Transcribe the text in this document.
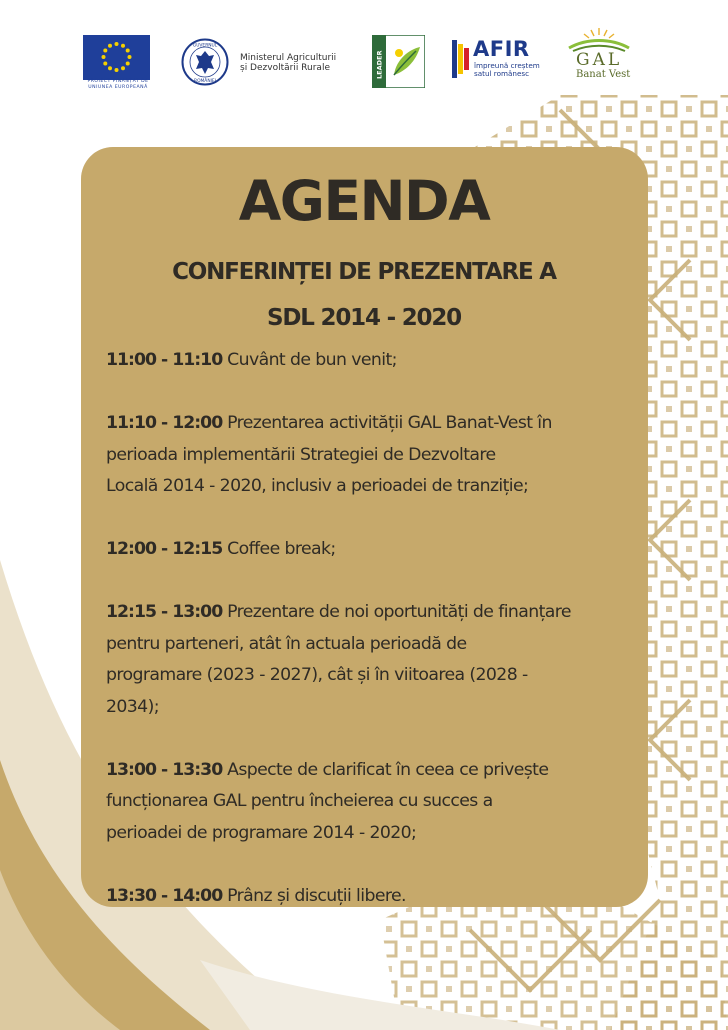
PROIECT FINANȚAT DE
UNIUNEA EUROPEANĂ
GUVERNUL
ROMÂNIEI
Ministerul Agriculturii
și Dezvoltării Rurale	LEADER
AFIR
împreună creștem
satul românesc
GAL
Banat Vest
AGENDA
CONFERINȚEI DE PREZENTARE A
SDL 2014 - 2020
11:00 - 11:10 Cuvânt de bun venit;
11:10 - 12:00 Prezentarea activității GAL Banat-Vest în
perioada implementării Strategiei de Dezvoltare
Locală 2014 - 2020, inclusiv a perioadei de tranziție;
12:00 - 12:15 Coffee break;
12:15 - 13:00 Prezentare de noi oportunități de finanțare
pentru parteneri, atât în actuala perioadă de
programare (2023 - 2027), cât și în viitoarea (2028 -
2034);
13:00 - 13:30 Aspecte de clarificat în ceea ce privește
funcționarea GAL pentru încheierea cu succes a
perioadei de programare 2014 - 2020;
13:30 - 14:00 Prânz și discuții libere.
